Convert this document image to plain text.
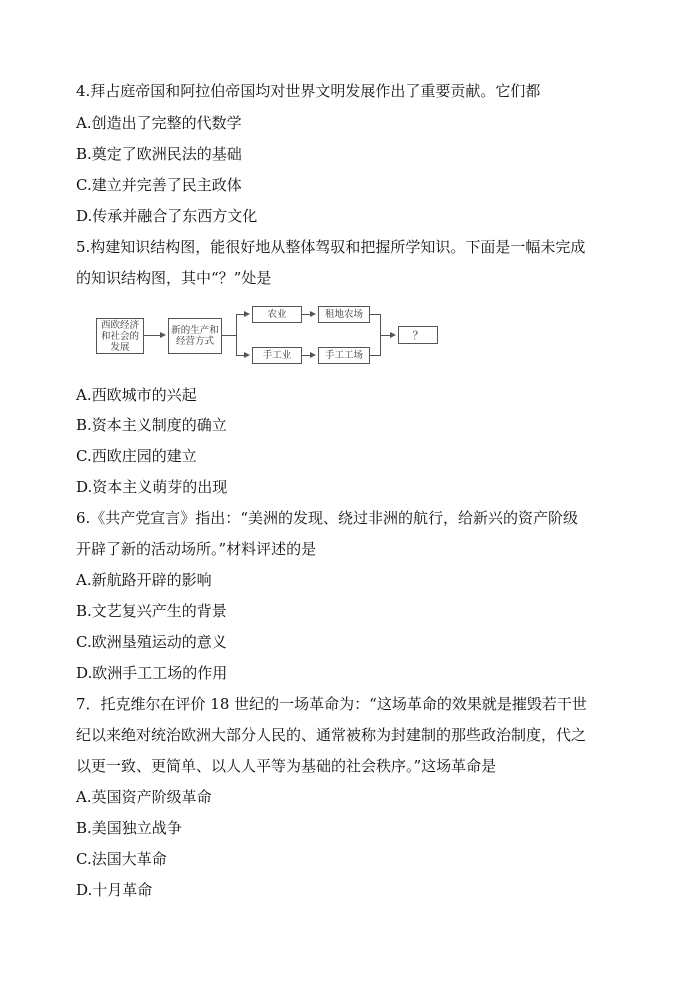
4.拜占庭帝国和阿拉伯帝国均对世界文明发展作出了重要贡献。它们都
A.创造出了完整的代数学
B.奠定了欧洲民法的基础
C.建立并完善了民主政体
D.传承并融合了东西方文化
5.构建知识结构图，能很好地从整体驾驭和把握所学知识。下面是一幅未完成
的知识结构图，其中“？”处是
西欧经济和社会的发展
新的生产和经营方式
农业	租地农场
手工业	手工工场
？
A.西欧城市的兴起
B.资本主义制度的确立
C.西欧庄园的建立
D.资本主义萌芽的出现
6.《共产党宣言》指出：“美洲的发现、绕过非洲的航行，给新兴的资产阶级
开辟了新的活动场所。”材料评述的是
A.新航路开辟的影响
B.文艺复兴产生的背景
C.欧洲垦殖运动的意义
D.欧洲手工工场的作用
7．托克维尔在评价 18 世纪的一场革命为：“这场革命的效果就是摧毁若干世
纪以来绝对统治欧洲大部分人民的、通常被称为封建制的那些政治制度，代之
以更一致、更简单、以人人平等为基础的社会秩序。”这场革命是
A.英国资产阶级革命
B.美国独立战争
C.法国大革命
D.十月革命
